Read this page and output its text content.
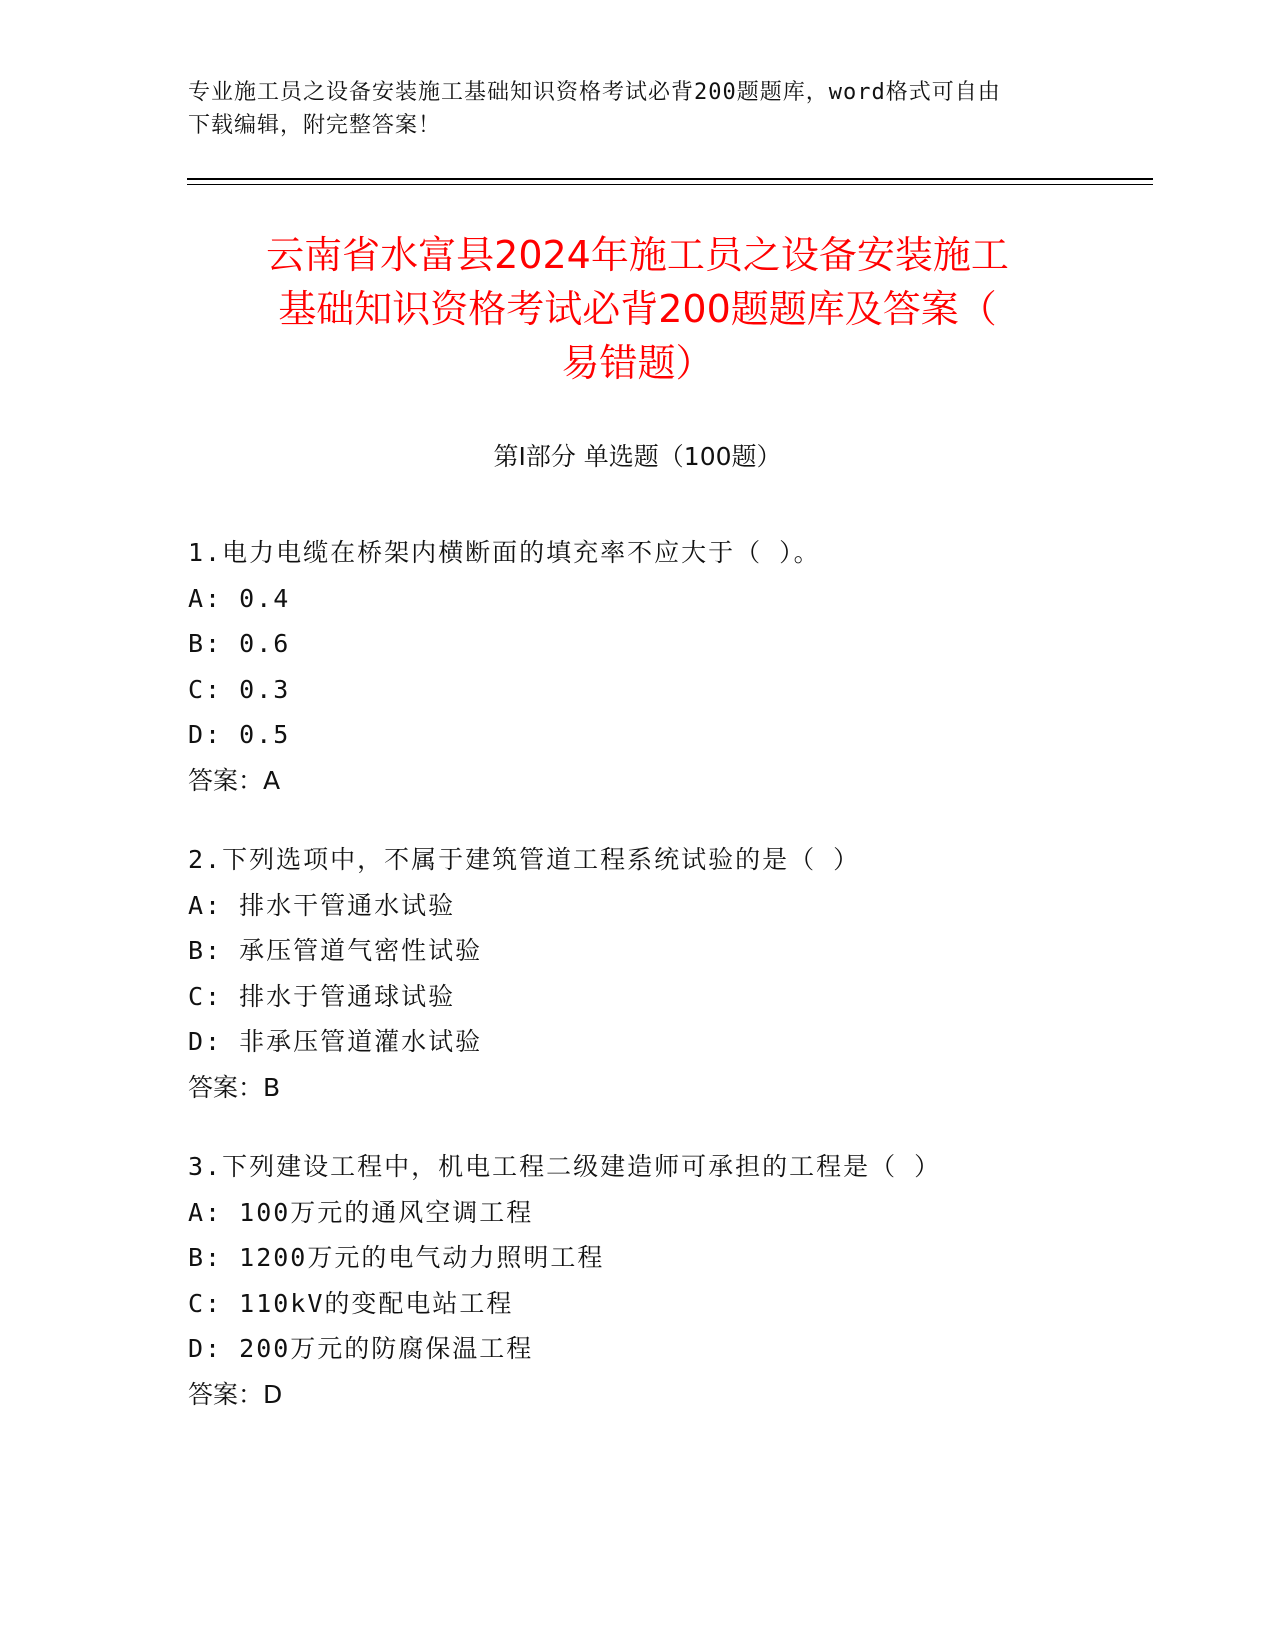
专业施工员之设备安装施工基础知识资格考试必背200题题库，word格式可自由
下载编辑，附完整答案！
云南省水富县2024年施工员之设备安装施工
基础知识资格考试必背200题题库及答案（
易错题）
第Ⅰ部分 单选题（100题）
1.电力电缆在桥架内横断面的填充率不应大于（ ）。
A: 0.4
B: 0.6
C: 0.3
D: 0.5
答案：A
2.下列选项中，不属于建筑管道工程系统试验的是（ ）
A: 排水干管通水试验
B: 承压管道气密性试验
C: 排水于管通球试验
D: 非承压管道灌水试验
答案：B
3.下列建设工程中，机电工程二级建造师可承担的工程是（ ）
A: 100万元的通风空调工程
B: 1200万元的电气动力照明工程
C: 110kV的变配电站工程
D: 200万元的防腐保温工程
答案：D
